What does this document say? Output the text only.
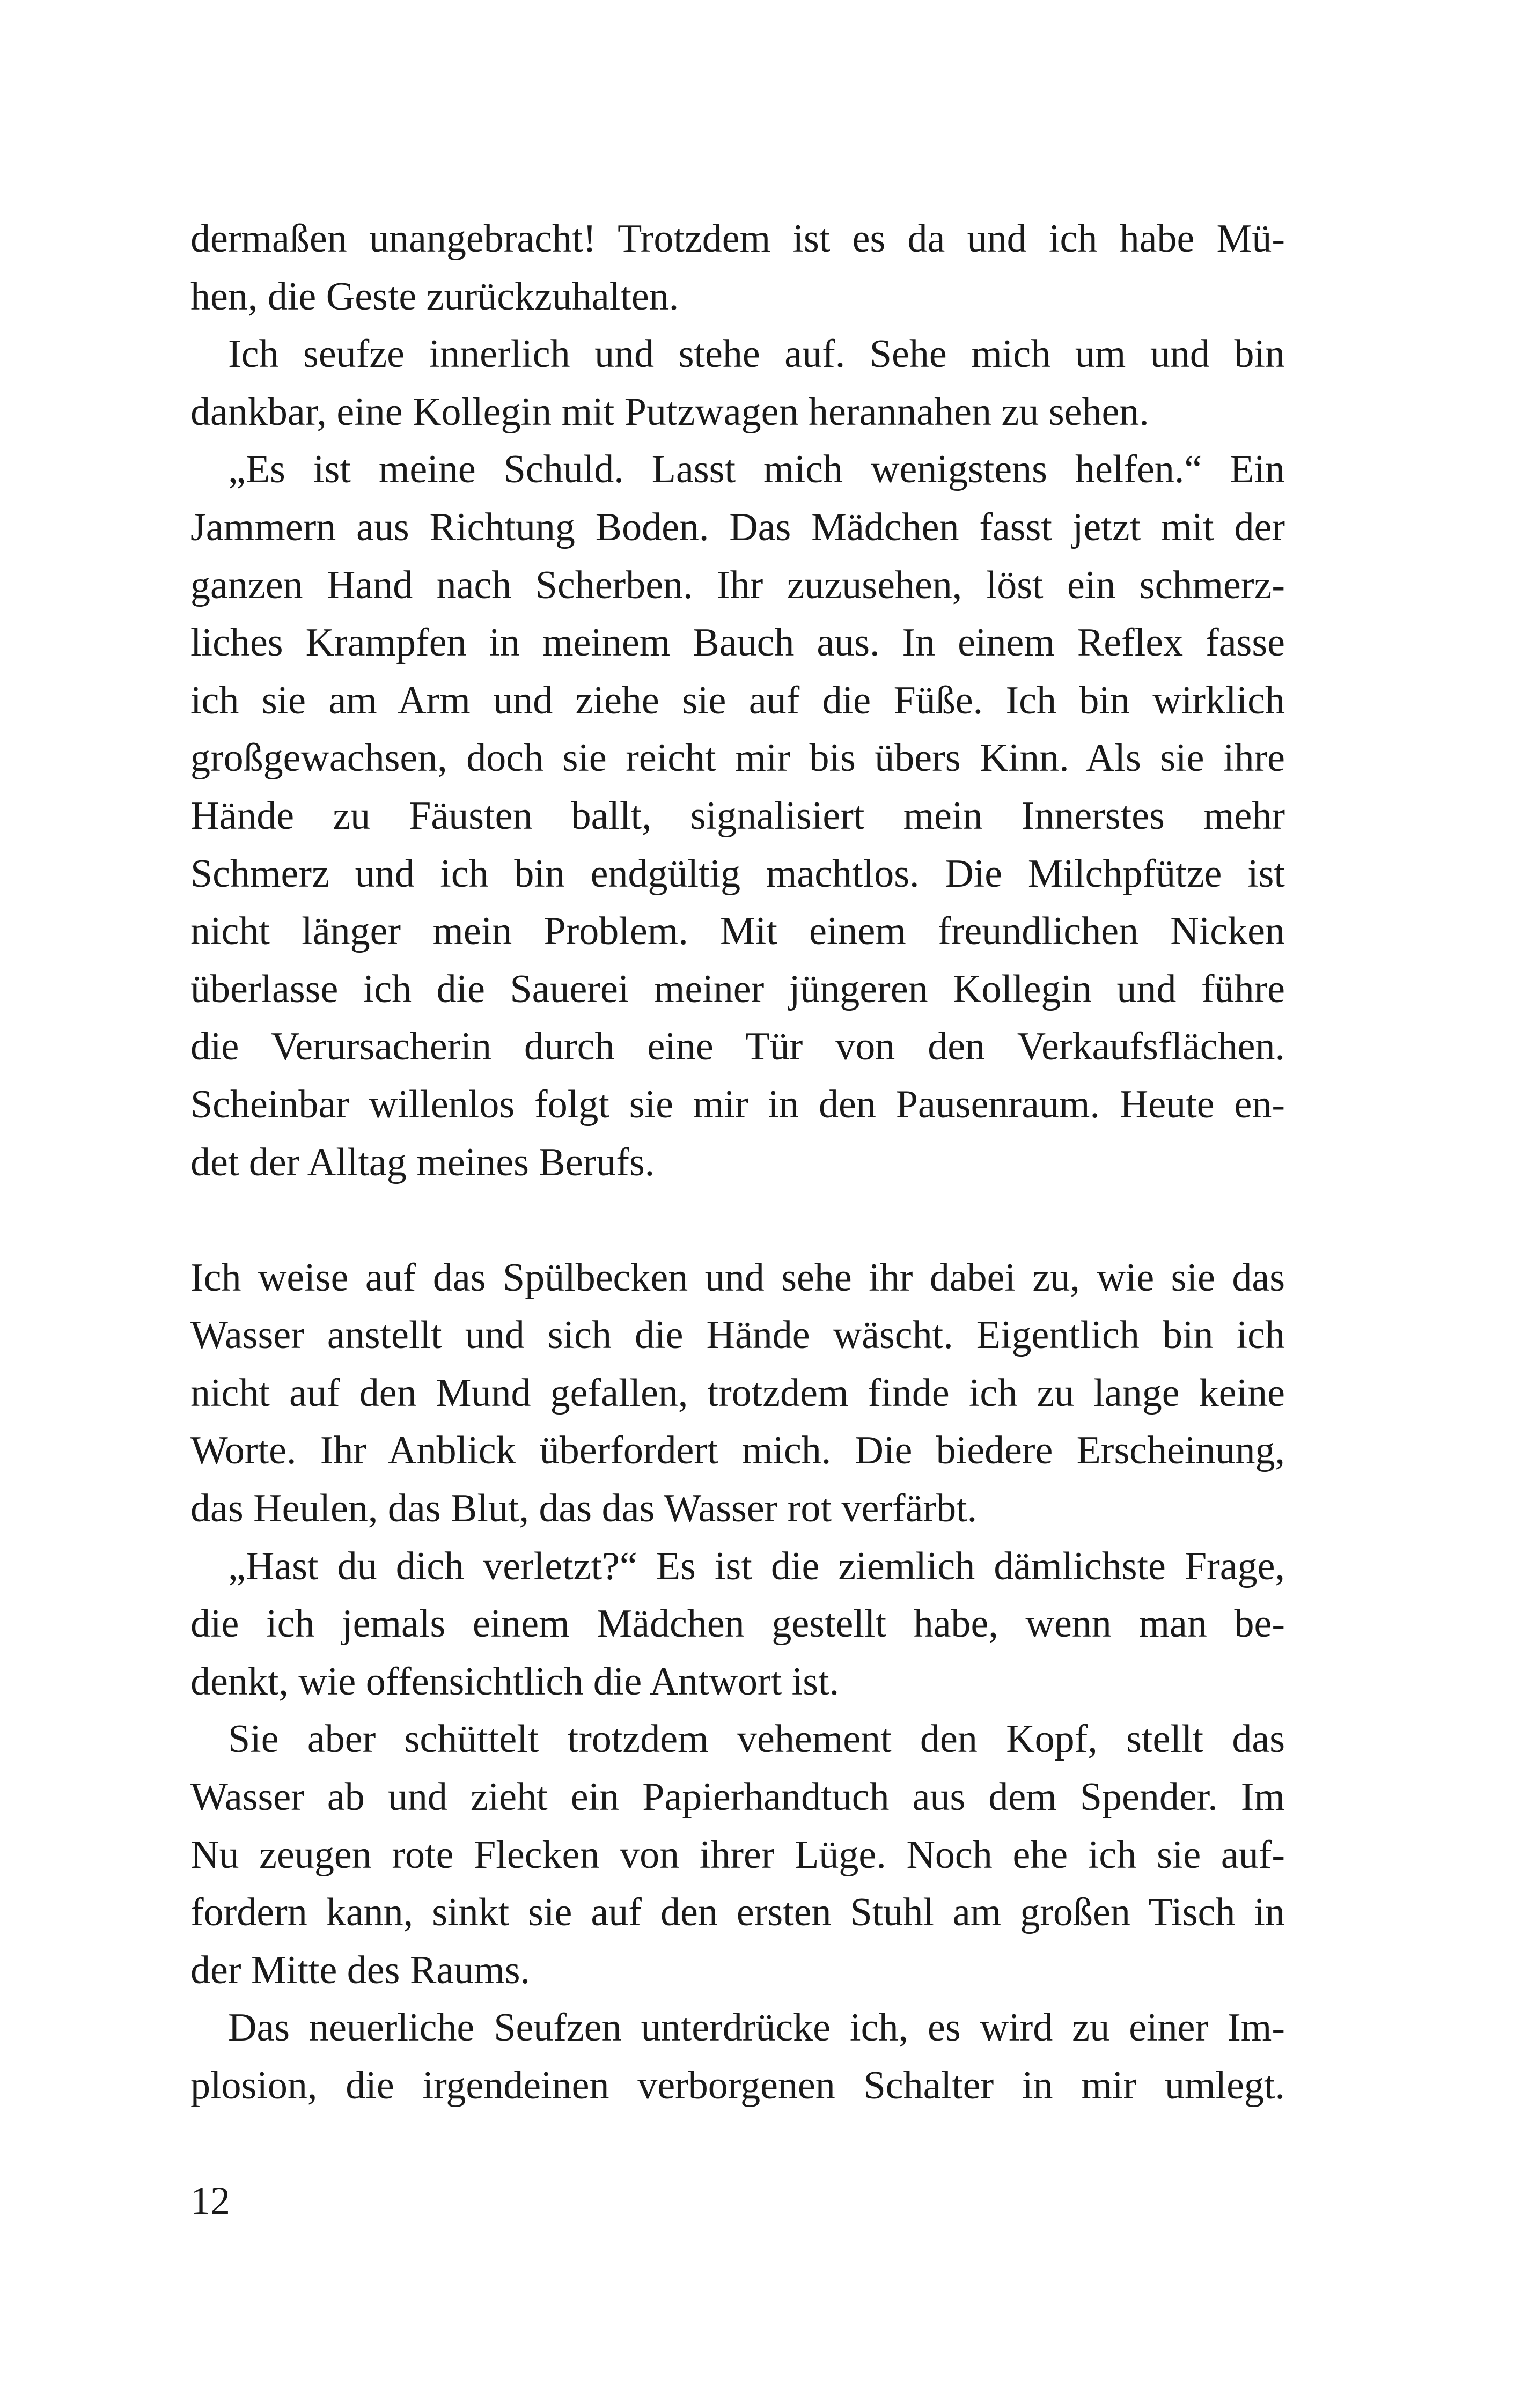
dermaßen unangebracht! Trotzdem ist es da und ich habe Mü-
hen, die Geste zurückzuhalten.
Ich seufze innerlich und stehe auf. Sehe mich um und bin
dankbar, eine Kollegin mit Putzwagen herannahen zu sehen.
„Es ist meine Schuld. Lasst mich wenigstens helfen.“ Ein
Jammern aus Richtung Boden. Das Mädchen fasst jetzt mit der
ganzen Hand nach Scherben. Ihr zuzusehen, löst ein schmerz-
liches Krampfen in meinem Bauch aus. In einem Reflex fasse
ich sie am Arm und ziehe sie auf die Füße. Ich bin wirklich
großgewachsen, doch sie reicht mir bis übers Kinn. Als sie ihre
Hände zu Fäusten ballt, signalisiert mein Innerstes mehr
Schmerz und ich bin endgültig machtlos. Die Milchpfütze ist
nicht länger mein Problem. Mit einem freundlichen Nicken
überlasse ich die Sauerei meiner jüngeren Kollegin und führe
die Verursacherin durch eine Tür von den Verkaufsflächen.
Scheinbar willenlos folgt sie mir in den Pausenraum. Heute en-
det der Alltag meines Berufs.
Ich weise auf das Spülbecken und sehe ihr dabei zu, wie sie das
Wasser anstellt und sich die Hände wäscht. Eigentlich bin ich
nicht auf den Mund gefallen, trotzdem finde ich zu lange keine
Worte. Ihr Anblick überfordert mich. Die biedere Erscheinung,
das Heulen, das Blut, das das Wasser rot verfärbt.
„Hast du dich verletzt?“ Es ist die ziemlich dämlichste Frage,
die ich jemals einem Mädchen gestellt habe, wenn man be-
denkt, wie offensichtlich die Antwort ist.
Sie aber schüttelt trotzdem vehement den Kopf, stellt das
Wasser ab und zieht ein Papierhandtuch aus dem Spender. Im
Nu zeugen rote Flecken von ihrer Lüge. Noch ehe ich sie auf-
fordern kann, sinkt sie auf den ersten Stuhl am großen Tisch in
der Mitte des Raums.
Das neuerliche Seufzen unterdrücke ich, es wird zu einer Im-
plosion, die irgendeinen verborgenen Schalter in mir umlegt.
12
